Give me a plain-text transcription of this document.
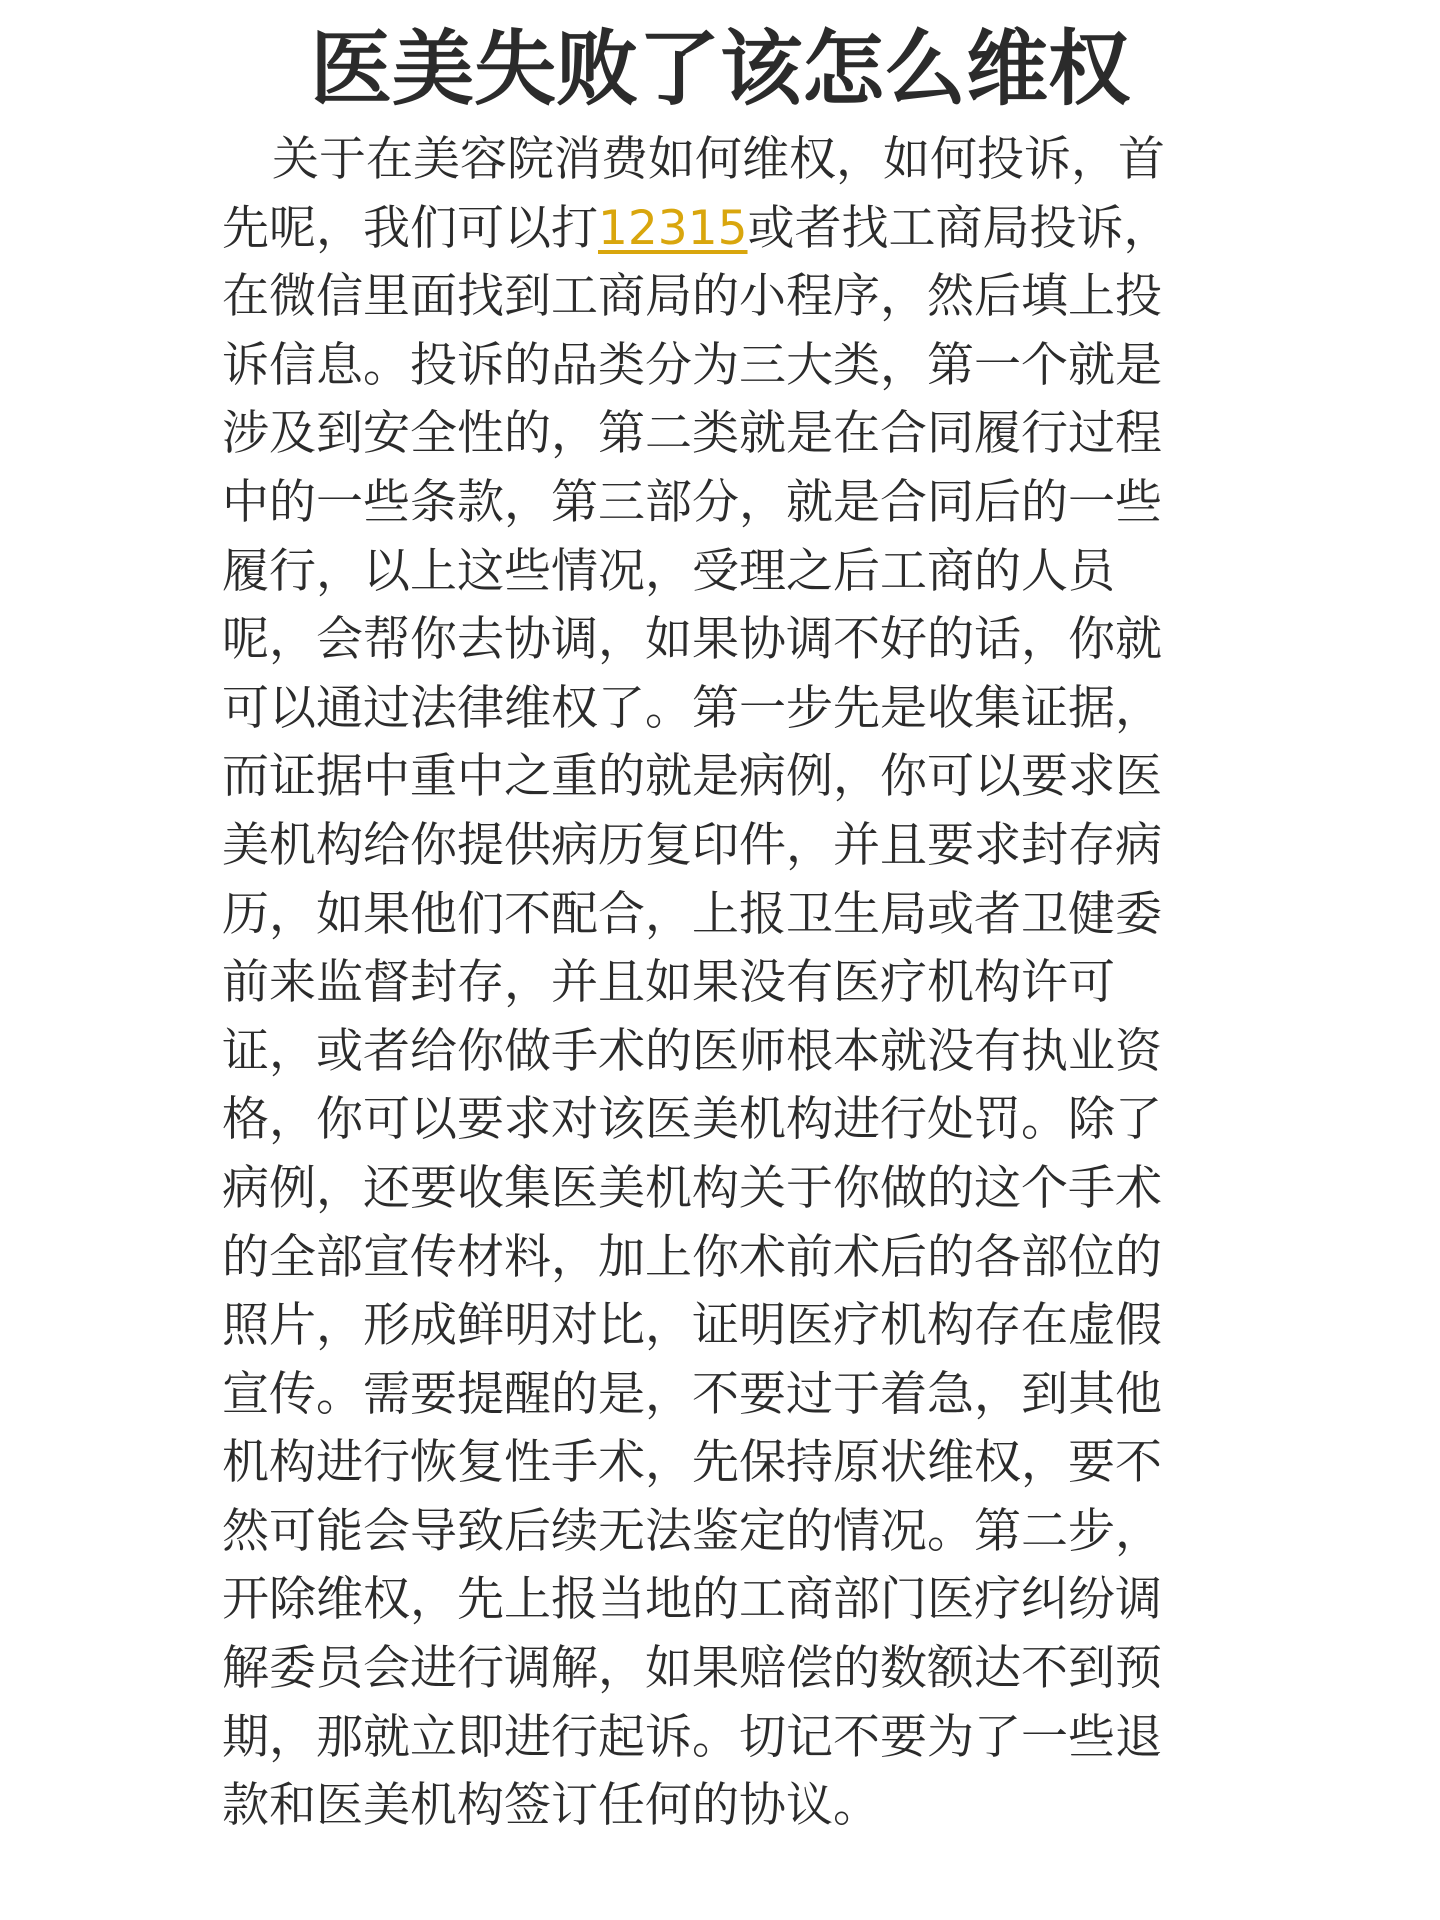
医美失败了该怎么维权
关于在美容院消费如何维权，如何投诉，首
先呢，我们可以打12315或者找工商局投诉，
在微信里面找到工商局的小程序，然后填上投
诉信息。投诉的品类分为三大类，第一个就是
涉及到安全性的，第二类就是在合同履行过程
中的一些条款，第三部分，就是合同后的一些
履行，以上这些情况，受理之后工商的人员
呢，会帮你去协调，如果协调不好的话，你就
可以通过法律维权了。第一步先是收集证据，
而证据中重中之重的就是病例，你可以要求医
美机构给你提供病历复印件，并且要求封存病
历，如果他们不配合，上报卫生局或者卫健委
前来监督封存，并且如果没有医疗机构许可
证，或者给你做手术的医师根本就没有执业资
格，你可以要求对该医美机构进行处罚。除了
病例，还要收集医美机构关于你做的这个手术
的全部宣传材料，加上你术前术后的各部位的
照片，形成鲜明对比，证明医疗机构存在虚假
宣传。需要提醒的是，不要过于着急，到其他
机构进行恢复性手术，先保持原状维权，要不
然可能会导致后续无法鉴定的情况。第二步，
开除维权，先上报当地的工商部门医疗纠纷调
解委员会进行调解，如果赔偿的数额达不到预
期，那就立即进行起诉。切记不要为了一些退
款和医美机构签订任何的协议。
